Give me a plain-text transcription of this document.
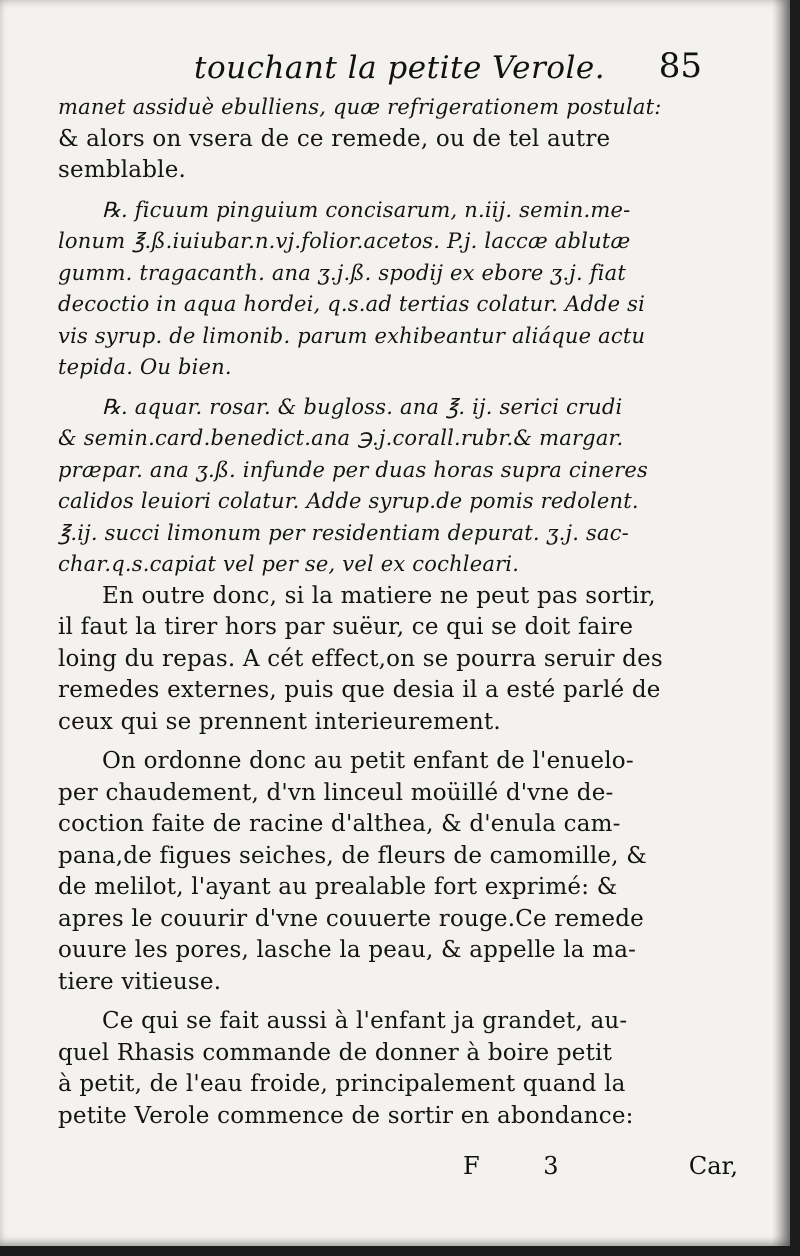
touchant la petite Verole. 85
manet assiduè ebulliens, quæ refrigerationem postulat:
& alors on vsera de ce remede, ou de tel autre
semblable.
℞. ficuum pinguium concisarum, n.iij. semin.me-
lonum ℥.ß.iuiubar.n.vj.folior.acetos. P.j. laccæ ablutæ
gumm. tragacanth. ana ʒ.j.ß. spodij ex ebore ʒ.j. fiat
decoctio in aqua hordei, q.s.ad tertias colatur. Adde si
vis syrup. de limonib. parum exhibeantur aliáque actu
tepida. Ou bien.
℞. aquar. rosar. & bugloss. ana ℥. ij. serici crudi
& semin.card.benedict.ana ℈.j.corall.rubr.& margar.
præpar. ana ʒ.ß. infunde per duas horas supra cineres
calidos leuiori colatur. Adde syrup.de pomis redolent.
℥.ij. succi limonum per residentiam depurat. ʒ.j. sac-
char.q.s.capiat vel per se, vel ex cochleari.
En outre donc, si la matiere ne peut pas sortir,
il faut la tirer hors par suëur, ce qui se doit faire
loing du repas. A cét effect,on se pourra seruir des
remedes externes, puis que desia il a esté parlé de
ceux qui se prennent interieurement.
On ordonne donc au petit enfant de l'enuelo-
per chaudement, d'vn linceul moüillé d'vne de-
coction faite de racine d'althea, & d'enula cam-
pana,de figues seiches, de fleurs de camomille, &
de melilot, l'ayant au prealable fort exprimé: &
apres le couurir d'vne couuerte rouge.Ce remede
ouure les pores, lasche la peau, & appelle la ma-
tiere vitieuse.
Ce qui se fait aussi à l'enfant ja grandet, au-
quel Rhasis commande de donner à boire petit
à petit, de l'eau froide, principalement quand la
petite Verole commence de sortir en abondance:
F 3	Car,
